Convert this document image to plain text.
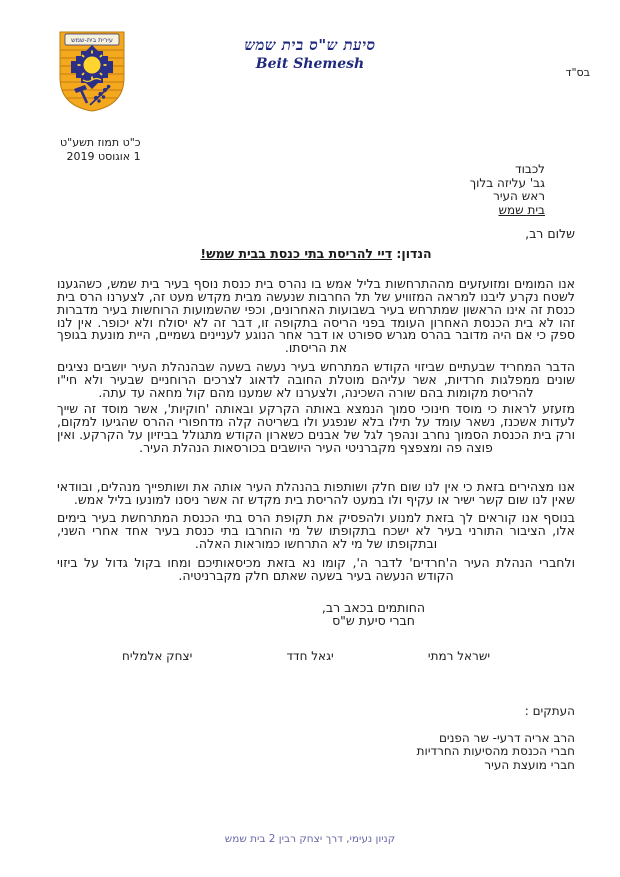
עירית בית-שמש	סיעת ש"ס בית שמש
Beit Shemesh
בס"ד
כ"ט תמוז תשע"ט
1 אוגוסט 2019
לכבוד
גב' עליזה בלוך
ראש העיר
בית שמש
שלום רב,
הנדון: דיי להריסת בתי כנסת בבית שמש!

אנו המומים ומזועזעים מההתרחשות בליל אמש בו נהרס בית כנסת נוסף בעיר בית שמש, כשהגענו לשטח נקרע ליבנו למראה המזוויע של תל החרבות שנעשה מבית מקדש מעט זה, לצערנו הרס בית כנסת זה אינו הראשון שמתרחש בעיר בשבועות האחרונים, וכפי שהשמועות הרוחשות בעיר מדברות זהו לא בית הכנסת האחרון העומד בפני הריסה בתקופה זו, דבר זה לא יסולח ולא יכופר. אין לנו ספק כי אם היה מדובר בהרס מגרש ספורט או דבר אחר הנוגע לעניינים גשמיים, היית מונעת בגופך את הריסתו.

הדבר המחריד שבעתיים שביזוי הקודש המתרחש בעיר נעשה בשעה שבהנהלת העיר יושבים נציגים שונים ממפלגות חרדיות, אשר עליהם מוטלת החובה לדאוג לצרכים הרוחניים שבעיר ולא חי"ו להריסת מקומות בהם שורה השכינה, ולצערנו לא שמענו מהם קול מחאה עד עתה.

מזעזע לראות כי מוסד חינוכי סמוך הנמצא באותה הקרקע ובאותה 'חוקיות', אשר מוסד זה שייך לעדות אשכנז, נשאר עומד על תילו בלא שנפגע ולו בשריטה קלה מדחפורי ההרס שהגיעו למקום, ורק בית הכנסת הסמוך נחרב ונהפך לגל של אבנים כשארון הקודש מתגולל בביזיון על הקרקע. ואין פוצה פה ומצפצף מקברניטי העיר היושבים בכורסאות הנהלת העיר.

אנו מצהירים בזאת כי אין לנו שום חלק ושותפות בהנהלת העיר אותה את ושותפייך מנהלים, ובוודאי שאין לנו שום קשר ישיר או עקיף ולו במעט להריסת בית מקדש זה אשר ניסנו למונעו בליל אמש.

בנוסף אנו קוראים לך בזאת למנוע ולהפסיק את תקופת הרס בתי הכנסת המתרחשת בעיר בימים אלו, הציבור התורני בעיר לא ישכח בתקופתו של מי הוחרבו בתי כנסת בעיר אחד אחרי השני, ובתקופתו של מי לא התרחשו כמוראות האלה.

ולחברי הנהלת העיר ה'חרדים' לדבר ה', קומו נא בזאת מכיסאותיכם ומחו בקול גדול על ביזוי הקודש הנעשה בעיר בשעה שאתם חלק מקברניטיה.

החותמים בכאב רב,
חברי סיעת ש"ס
ישראל רמתי
יגאל חדד
יצחק אלמליח
העתקים :
הרב אריה דרעי- שר הפנים
חברי הכנסת מהסיעות החרדיות
חברי מועצת העיר
קניון נעימי, דרך יצחק רבין 2 בית שמש
